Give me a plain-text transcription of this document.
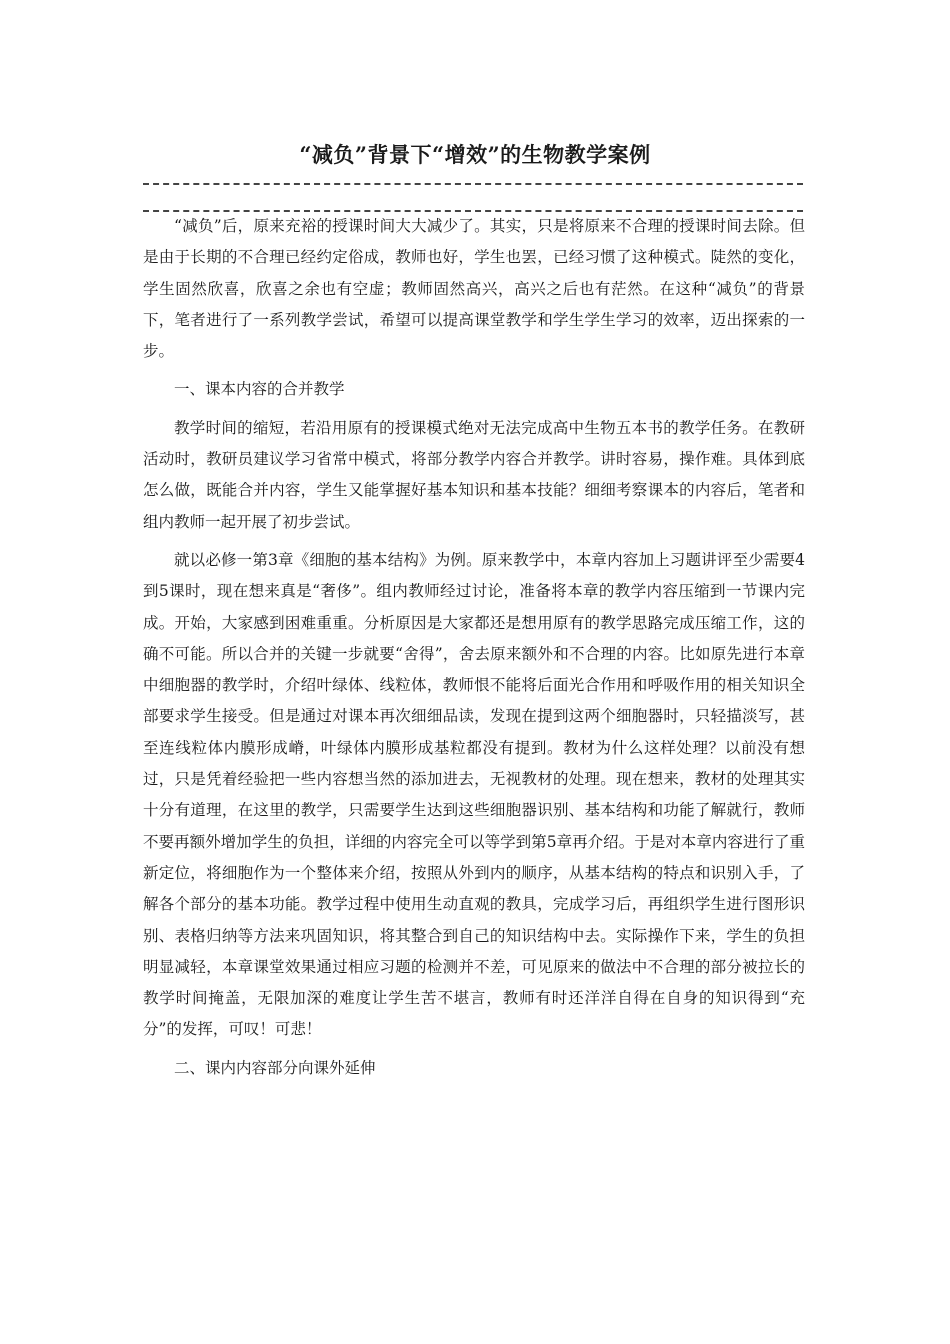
“减负”背景下“增效”的生物教学案例

“减负”后，原来充裕的授课时间大大减少了。其实，只是将原来不合理的授课时间去除。但是由于长期的不合理已经约定俗成，教师也好，学生也罢，已经习惯了这种模式。陡然的变化，学生固然欣喜，欣喜之余也有空虚；教师固然高兴，高兴之后也有茫然。在这种“减负”的背景下，笔者进行了一系列教学尝试，希望可以提高课堂教学和学生学生学习的效率，迈出探索的一步。

一、课本内容的合并教学

教学时间的缩短，若沿用原有的授课模式绝对无法完成高中生物五本书的教学任务。在教研活动时，教研员建议学习省常中模式，将部分教学内容合并教学。讲时容易，操作难。具体到底怎么做，既能合并内容，学生又能掌握好基本知识和基本技能？细细考察课本的内容后，笔者和组内教师一起开展了初步尝试。

就以必修一第3章《细胞的基本结构》为例。原来教学中，本章内容加上习题讲评至少需要4到5课时，现在想来真是“奢侈”。组内教师经过讨论，准备将本章的教学内容压缩到一节课内完成。开始，大家感到困难重重。分析原因是大家都还是想用原有的教学思路完成压缩工作，这的确不可能。所以合并的关键一步就要“舍得”，舍去原来额外和不合理的内容。比如原先进行本章中细胞器的教学时，介绍叶绿体、线粒体，教师恨不能将后面光合作用和呼吸作用的相关知识全部要求学生接受。但是通过对课本再次细细品读，发现在提到这两个细胞器时，只轻描淡写，甚至连线粒体内膜形成嵴，叶绿体内膜形成基粒都没有提到。教材为什么这样处理？以前没有想过，只是凭着经验把一些内容想当然的添加进去，无视教材的处理。现在想来，教材的处理其实十分有道理，在这里的教学，只需要学生达到这些细胞器识别、基本结构和功能了解就行，教师不要再额外增加学生的负担，详细的内容完全可以等学到第5章再介绍。于是对本章内容进行了重新定位，将细胞作为一个整体来介绍，按照从外到内的顺序，从基本结构的特点和识别入手，了解各个部分的基本功能。教学过程中使用生动直观的教具，完成学习后，再组织学生进行图形识别、表格归纳等方法来巩固知识，将其整合到自己的知识结构中去。实际操作下来，学生的负担明显减轻，本章课堂效果通过相应习题的检测并不差，可见原来的做法中不合理的部分被拉长的教学时间掩盖，无限加深的难度让学生苦不堪言，教师有时还洋洋自得在自身的知识得到“充分”的发挥，可叹！可悲！

二、课内内容部分向课外延伸
